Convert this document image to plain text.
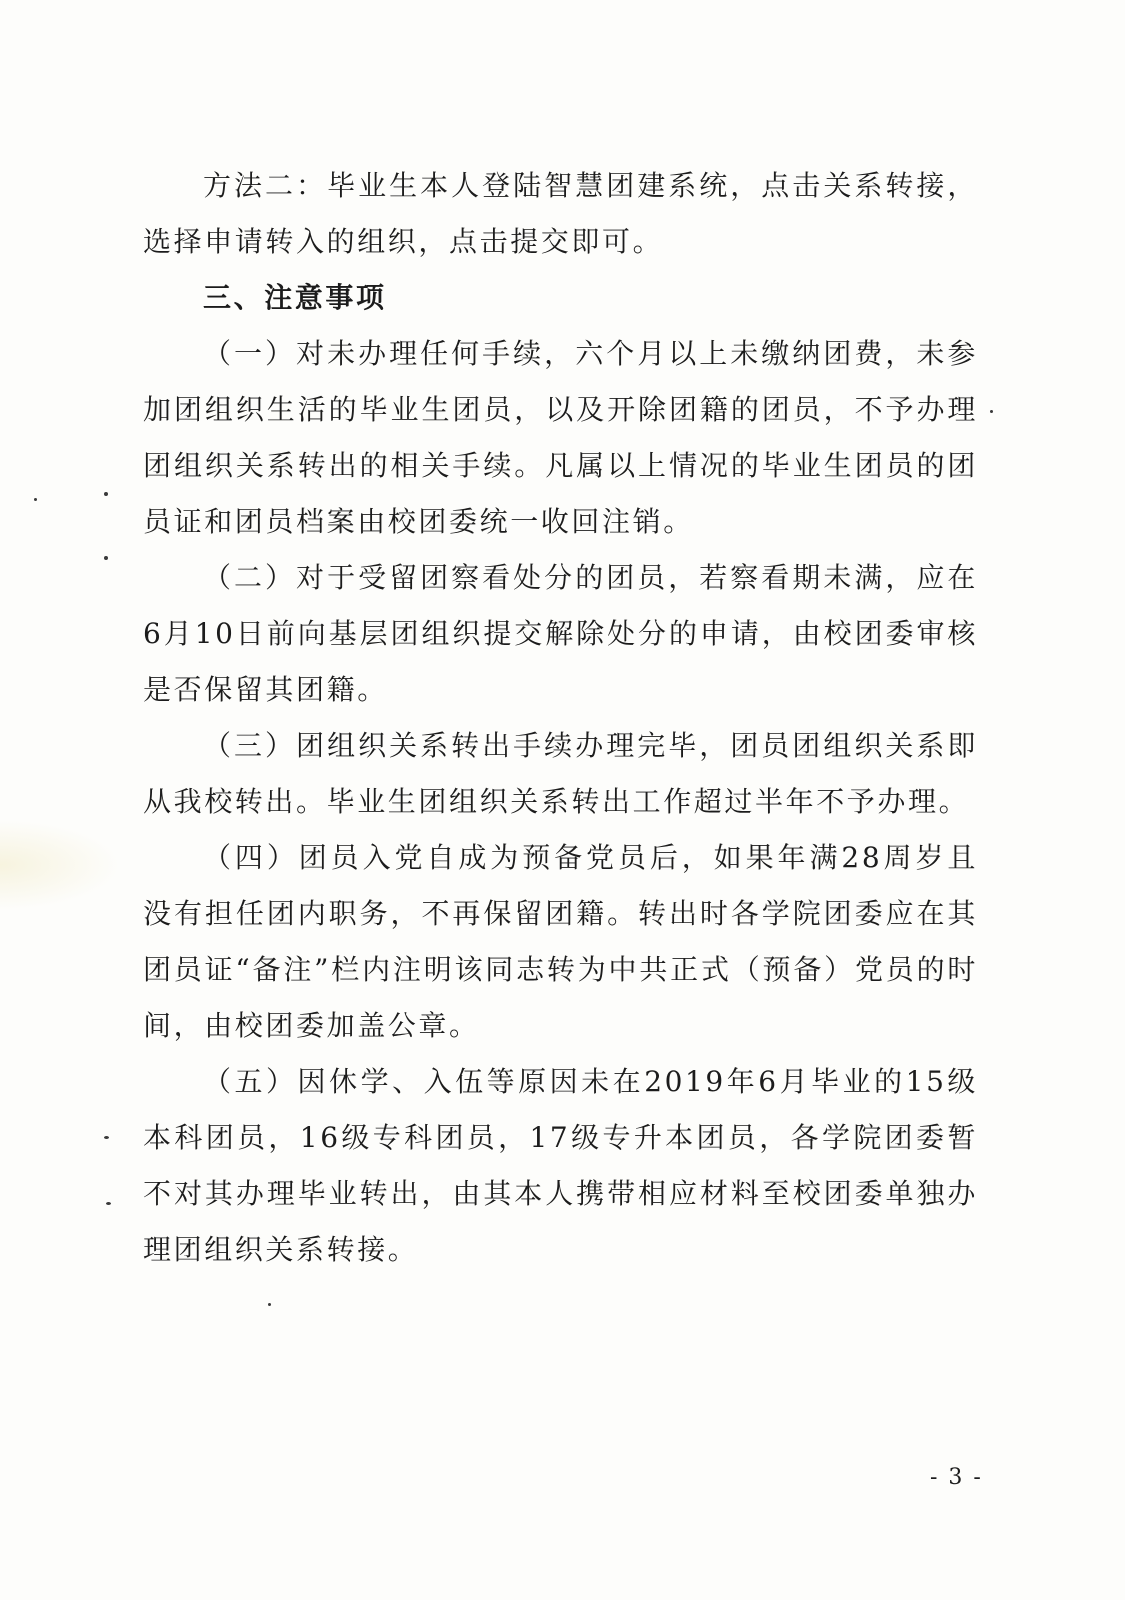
方法二：毕业生本人登陆智慧团建系统，点击关系转接，选择申请转入的组织，点击提交即可。

三、注意事项

（一）对未办理任何手续，六个月以上未缴纳团费，未参加团组织生活的毕业生团员，以及开除团籍的团员，不予办理团组织关系转出的相关手续。凡属以上情况的毕业生团员的团员证和团员档案由校团委统一收回注销。

（二）对于受留团察看处分的团员，若察看期未满，应在6月10日前向基层团组织提交解除处分的申请，由校团委审核是否保留其团籍。

（三）团组织关系转出手续办理完毕，团员团组织关系即从我校转出。毕业生团组织关系转出工作超过半年不予办理。

（四）团员入党自成为预备党员后，如果年满28周岁且没有担任团内职务，不再保留团籍。转出时各学院团委应在其团员证“备注”栏内注明该同志转为中共正式（预备）党员的时间，由校团委加盖公章。

（五）因休学、入伍等原因未在2019年6月毕业的15级本科团员，16级专科团员，17级专升本团员，各学院团委暂不对其办理毕业转出，由其本人携带相应材料至校团委单独办理团组织关系转接。

- 3 -
